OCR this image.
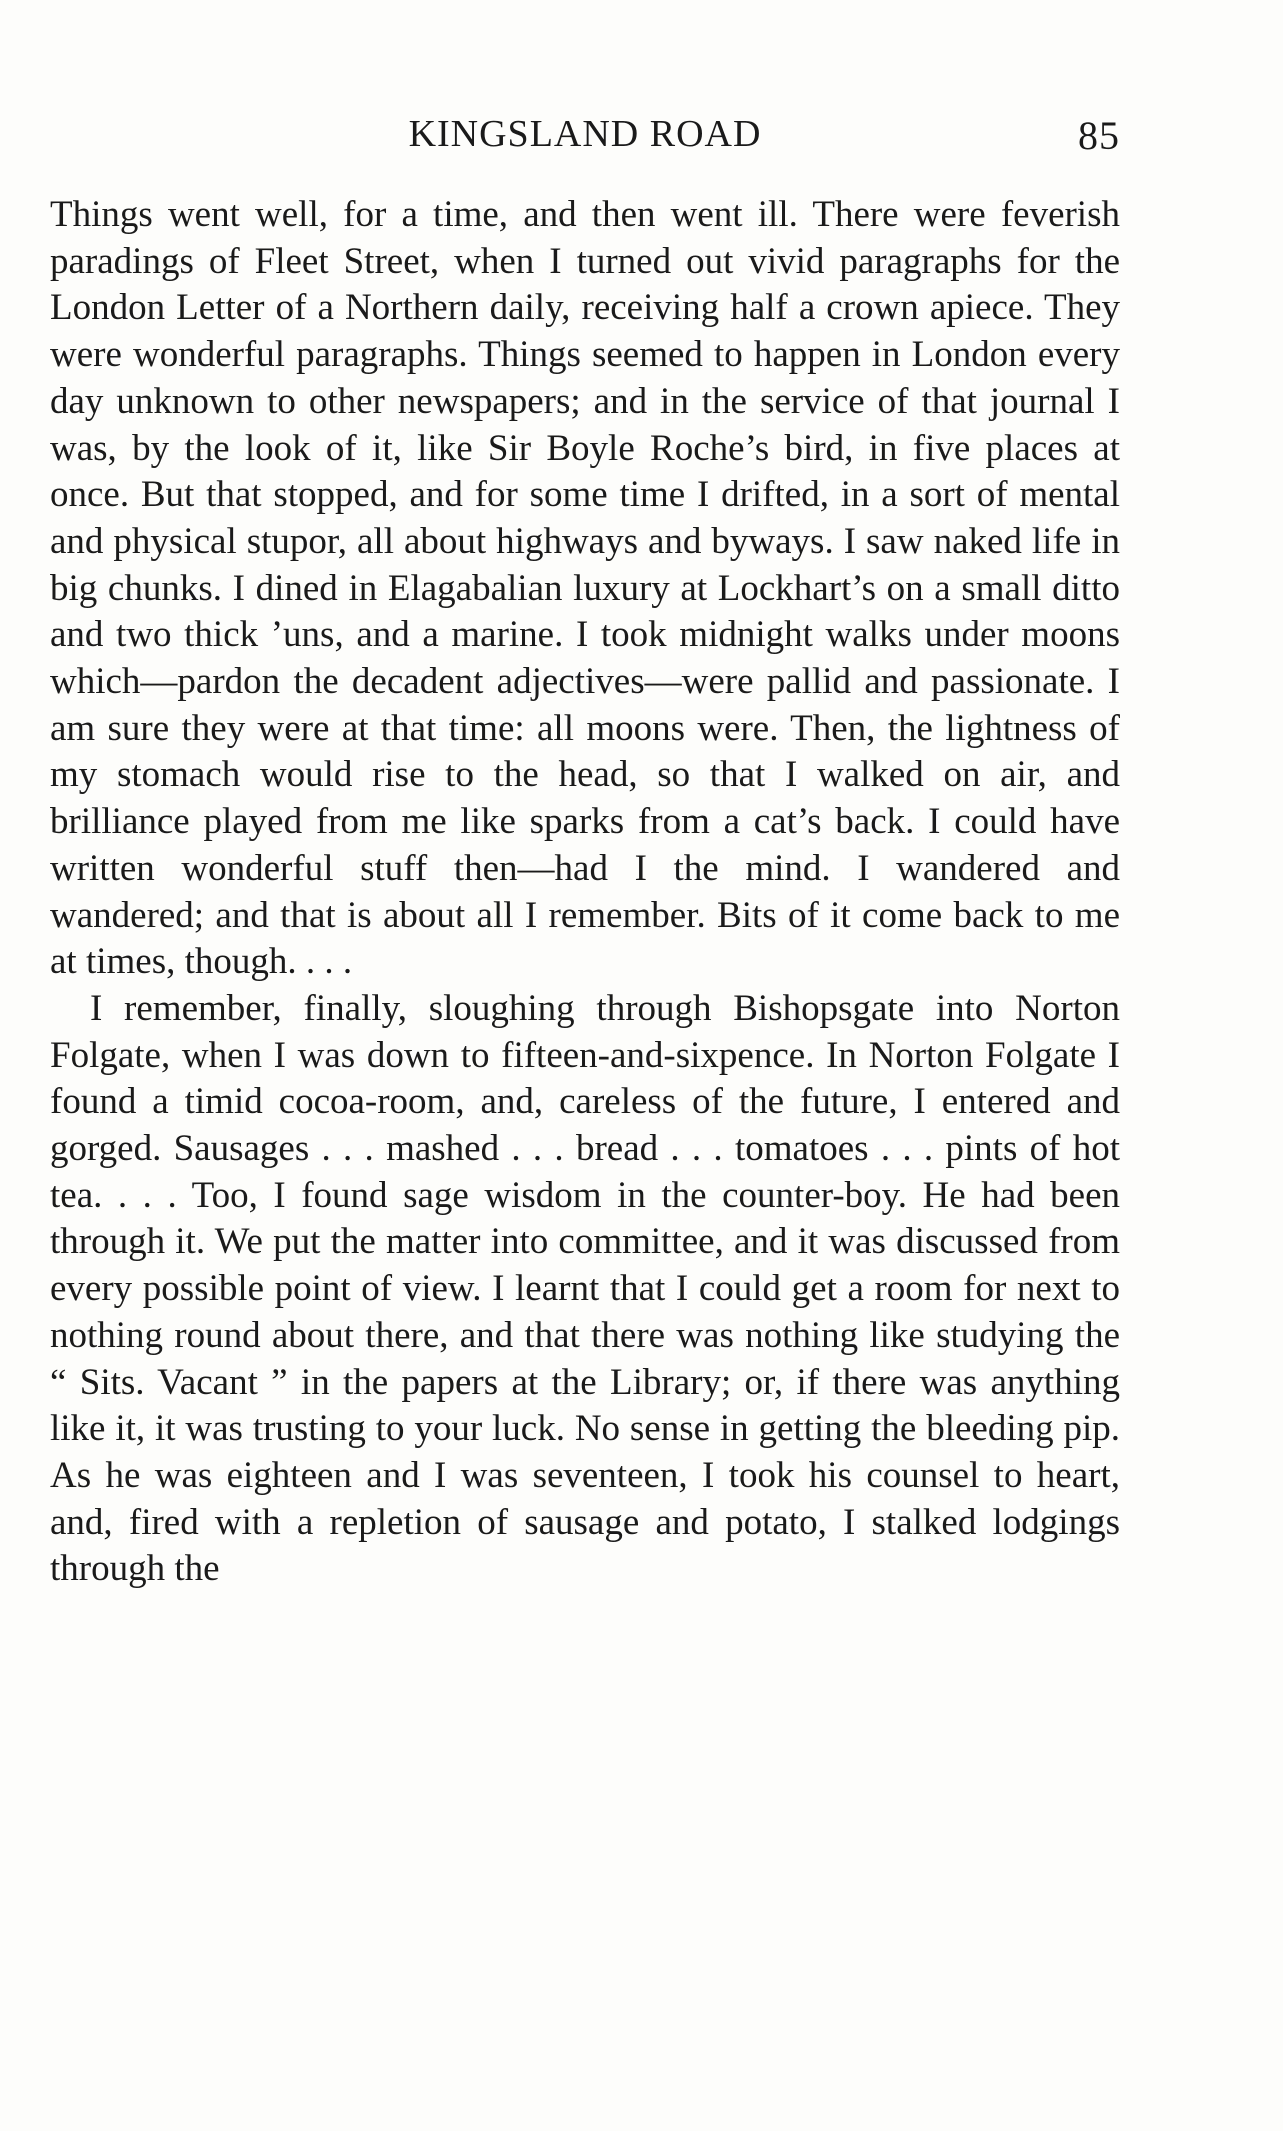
KINGSLAND ROAD	85

Things went well, for a time, and then went ill. There were feverish paradings of Fleet Street, when I turned out vivid paragraphs for the London Letter of a Northern daily, receiving half a crown apiece. They were wonderful paragraphs. Things seemed to happen in London every day unknown to other newspapers; and in the service of that journal I was, by the look of it, like Sir Boyle Roche’s bird, in five places at once. But that stopped, and for some time I drifted, in a sort of mental and physical stupor, all about highways and byways. I saw naked life in big chunks. I dined in Elagabalian luxury at Lockhart’s on a small ditto and two thick ’uns, and a marine. I took midnight walks under moons which—pardon the decadent adjectives—were pallid and passionate. I am sure they were at that time: all moons were. Then, the lightness of my stomach would rise to the head, so that I walked on air, and brilliance played from me like sparks from a cat’s back. I could have written wonderful stuff then—had I the mind. I wandered and wandered; and that is about all I remember. Bits of it come back to me at times, though. . . .

I remember, finally, sloughing through Bishopsgate into Norton Folgate, when I was down to fifteen-and-sixpence. In Norton Folgate I found a timid cocoa-room, and, careless of the future, I entered and gorged. Sausages . . . mashed . . . bread . . . tomatoes . . . pints of hot tea. . . . Too, I found sage wisdom in the counter-boy. He had been through it. We put the matter into committee, and it was discussed from every possible point of view. I learnt that I could get a room for next to nothing round about there, and that there was nothing like studying the “ Sits. Vacant ” in the papers at the Library; or, if there was anything like it, it was trusting to your luck. No sense in getting the bleeding pip. As he was eighteen and I was seventeen, I took his counsel to heart, and, fired with a repletion of sausage and potato, I stalked lodgings through the
